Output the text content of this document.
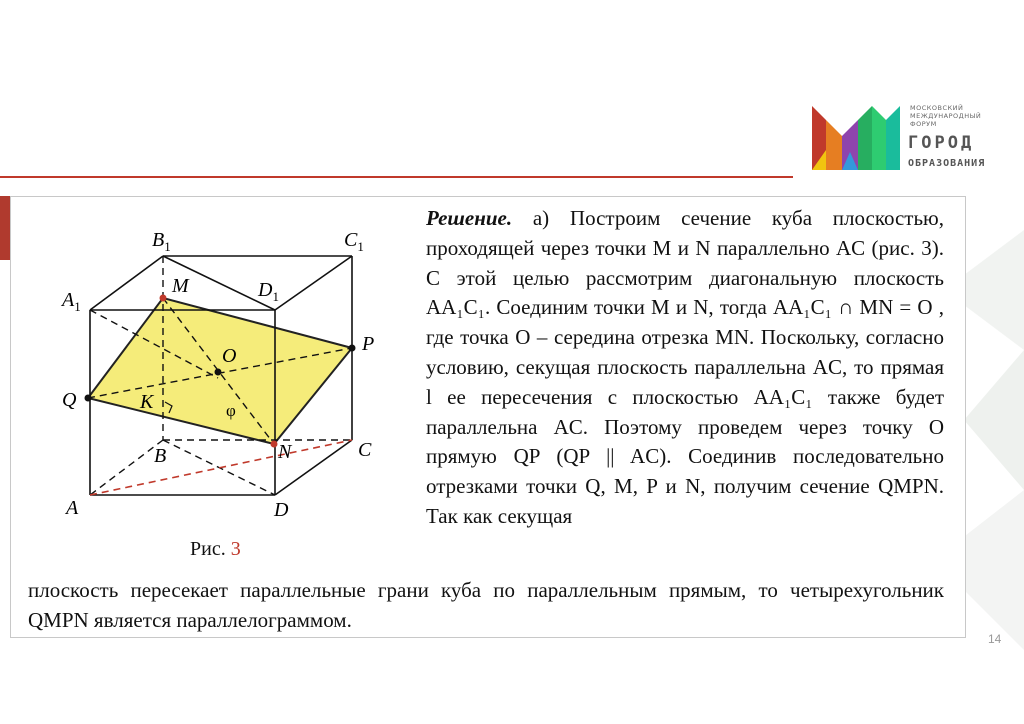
МОСКОВСКИЙ
МЕЖДУНАРОДНЫЙ
ФОРУМ
ГОРОД
ОБРАЗОВАНИЯ
$B_1$	$C_1$
$A_1$
$D_1$
M
O
P
Q	K	φ
N
B	C
A	D
Рис. 3
Решение. а) Построим сечение куба плоскостью, проходящей через точки M и N параллельно AC (рис. 3). С этой целью рассмотрим диагональную плоскость AA₁C₁. Соединим точки M и N, тогда AA₁C₁ ∩ MN = O , где точка O – середина отрезка MN. Поскольку, согласно условию, секущая плоскость параллельна AC, то прямая l ее пересечения с плоскостью AA₁C₁ также будет параллельна AC. Поэтому проведем через точку O прямую QP (QP || AC). Соединив последовательно отрезками точки Q, M, P и N, получим сечение QMPN. Так как секущая
плоскость пересекает параллельные грани куба по параллельным прямым, то четырехугольник QMPN является параллелограммом.
14
